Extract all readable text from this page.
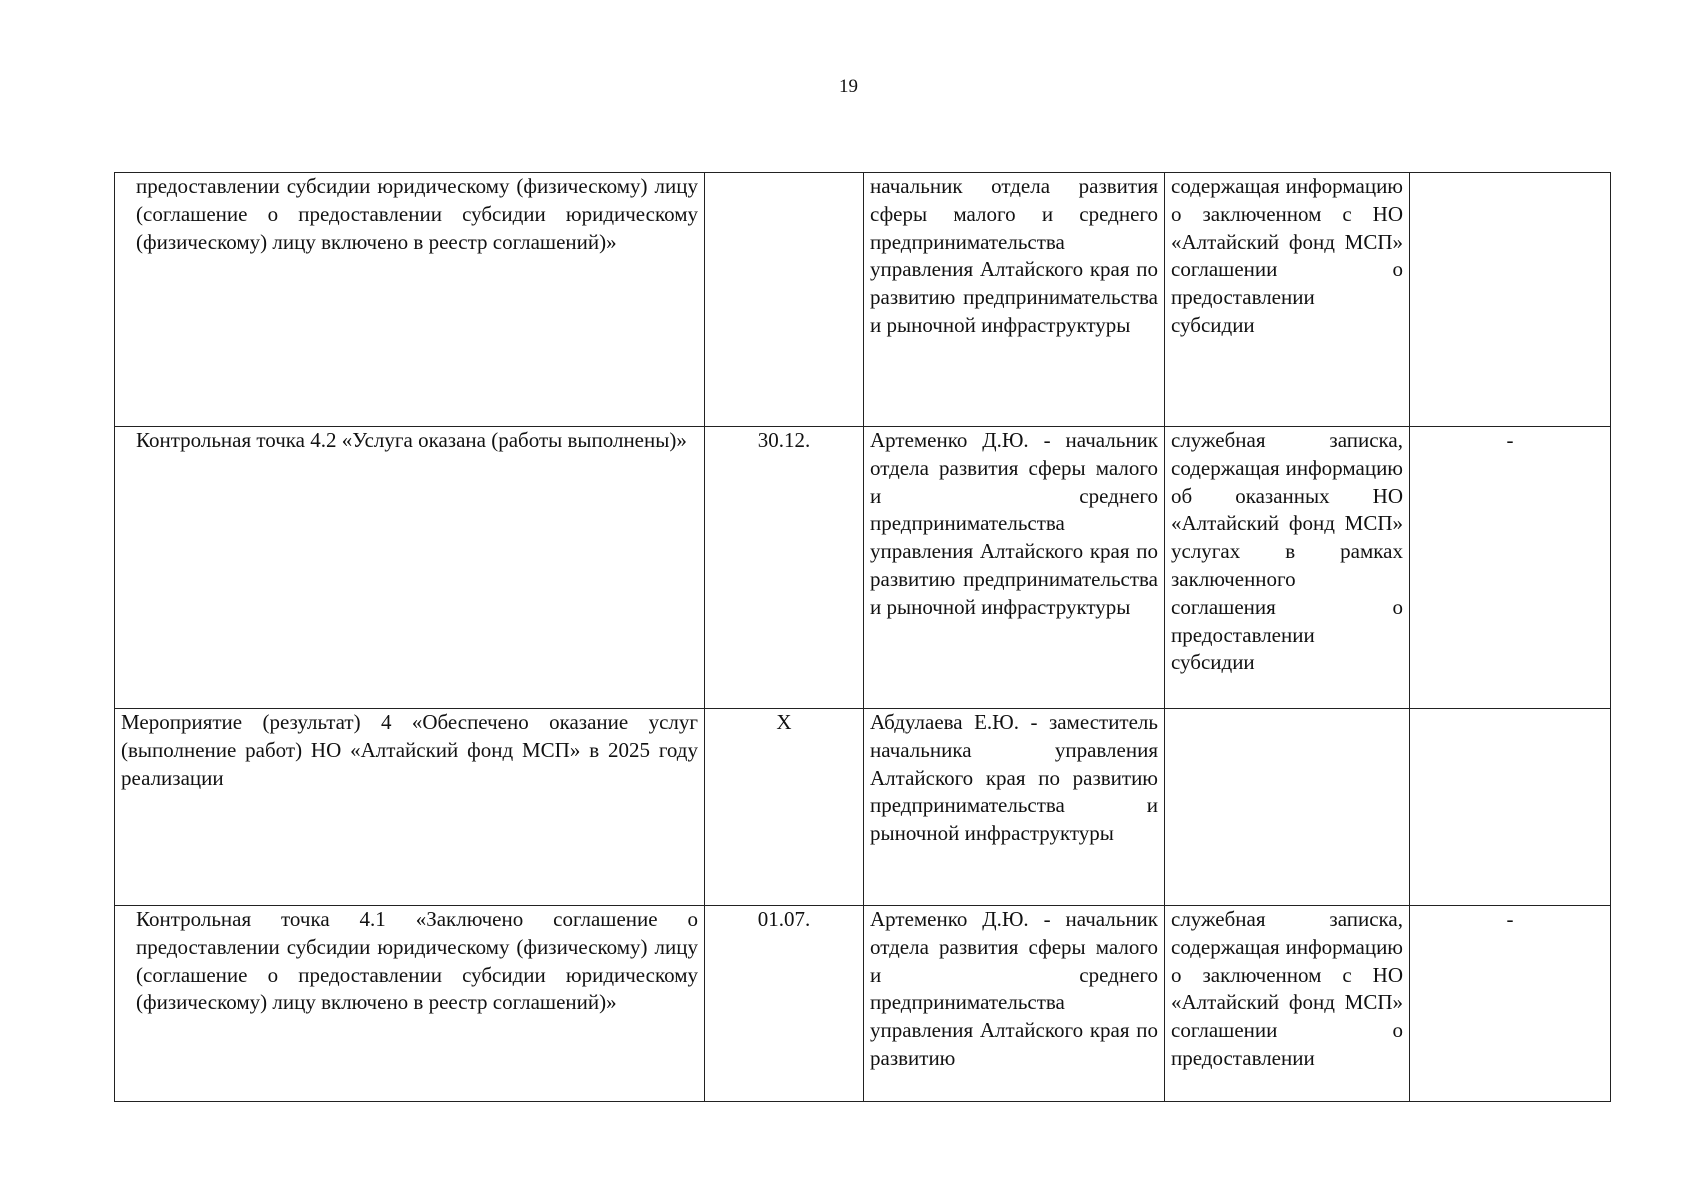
19
предоставлении субсидии юридическому (физическому) лицу (соглашение о предоставлении субсидии юридическому (физическому) лицу включено в реестр соглашений)»		начальник отдела развития сферы малого и среднего предпринимательства управления Алтайского края по развитию предпринимательства и рыночной инфраструктуры	содержащая информацию о заключенном с НО «Алтайский фонд МСП» соглашении о предоставлении субсидии	
Контрольная точка 4.2 «Услуга оказана (работы выполнены)»	30.12.	Артеменко Д.Ю. - начальник отдела развития сферы малого и среднего предпринимательства управления Алтайского края по развитию предпринимательства и рыночной инфраструктуры	служебная записка, содержащая информацию об оказанных НО «Алтайский фонд МСП» услугах в рамках заключенного соглашения о предоставлении субсидии	-
Мероприятие (результат) 4 «Обеспечено оказание услуг (выполнение работ) НО «Алтайский фонд МСП» в 2025 году реализации	X	Абдулаева Е.Ю. - заместитель начальника управления Алтайского края по развитию предпринимательства и рыночной инфраструктуры		
Контрольная точка 4.1 «Заключено соглашение о предоставлении субсидии юридическому (физическому) лицу (соглашение о предоставлении субсидии юридическому (физическому) лицу включено в реестр соглашений)»	01.07.	Артеменко Д.Ю. - начальник отдела развития сферы малого и среднего предпринимательства управления Алтайского края по развитию	служебная записка, содержащая информацию о заключенном с НО «Алтайский фонд МСП» соглашении о предоставлении	-
